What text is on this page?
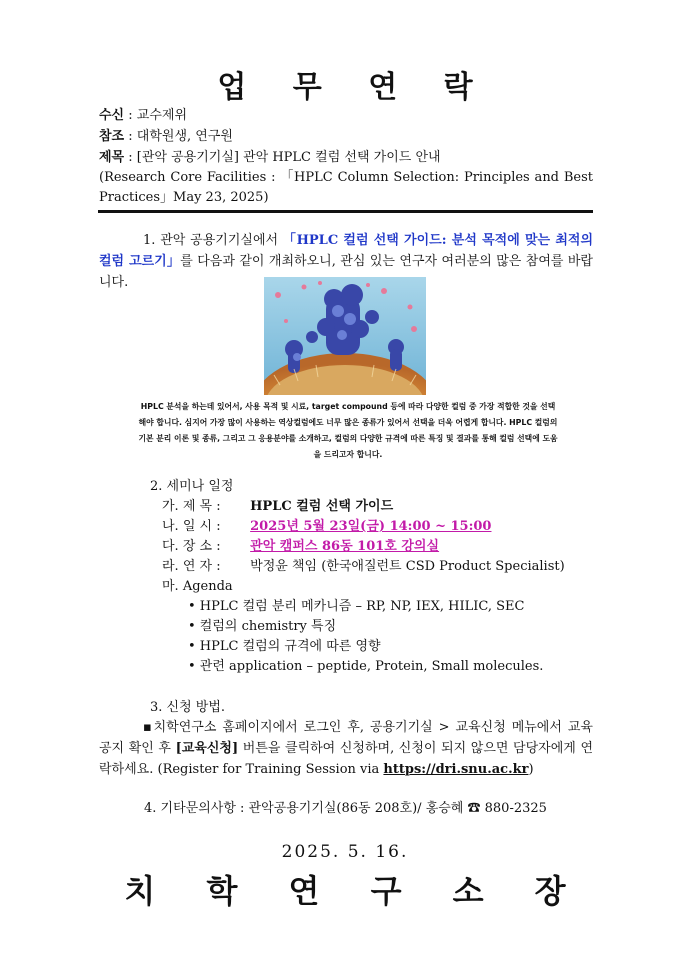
업 무 연 락
수신 : 교수제위
참조 : 대학원생, 연구원
제목 : [관악 공용기기실] 관악 HPLC 컬럼 선택 가이드 안내
(Research Core Facilities : 「HPLC Column Selection: Principles and Best Practices」May 23, 2025)
1. 관악 공용기기실에서 「HPLC 컬럼 선택 가이드: 분석 목적에 맞는 최적의 컬럼 고르기」를 다음과 같이 개최하오니, 관심 있는 연구자 여러분의 많은 참여를 바랍니다.
HPLC 분석을 하는데 있어서, 사용 목적 및 시료, target compound 등에 따라 다양한 컬럼 중 가장 적합한 것을 선택해야 합니다. 심지어 가장 많이 사용하는 역상컬럼에도 너무 많은 종류가 있어서 선택을 더욱 어렵게 합니다. HPLC 컬럼의 기본 분리 이론 및 종류, 그리고 그 응용분야를 소개하고, 컬럼의 다양한 규격에 따른 특징 및 결과를 통해 컬럼 선택에 도움을 드리고자 합니다.
2. 세미나 일정
가. 제 목 : HPLC 컬럼 선택 가이드
나. 일 시 : 2025년 5월 23일(금) 14:00 ~ 15:00
다. 장 소 : 관악 캠퍼스 86동 101호 강의실
라. 연 자 : 박정윤 책임 (한국애질런트 CSD Product Specialist)
마. Agenda
• HPLC 컬럼 분리 메카니즘 – RP, NP, IEX, HILIC, SEC
• 컬럼의 chemistry 특징
• HPLC 컬럼의 규격에 따른 영향
• 관련 application – peptide, Protein, Small molecules.
3. 신청 방법.
▪치학연구소 홈페이지에서 로그인 후, 공용기기실 > 교육신청 메뉴에서 교육 공지 확인 후 [교육신청] 버튼을 클릭하여 신청하며, 신청이 되지 않으면 담당자에게 연락하세요. (Register for Training Session via https://dri.snu.ac.kr)
4. 기타문의사항 : 관악공용기기실(86동 208호)/ 홍승혜 ☎ 880-2325
2025. 5. 16.
치 학 연 구 소 장
